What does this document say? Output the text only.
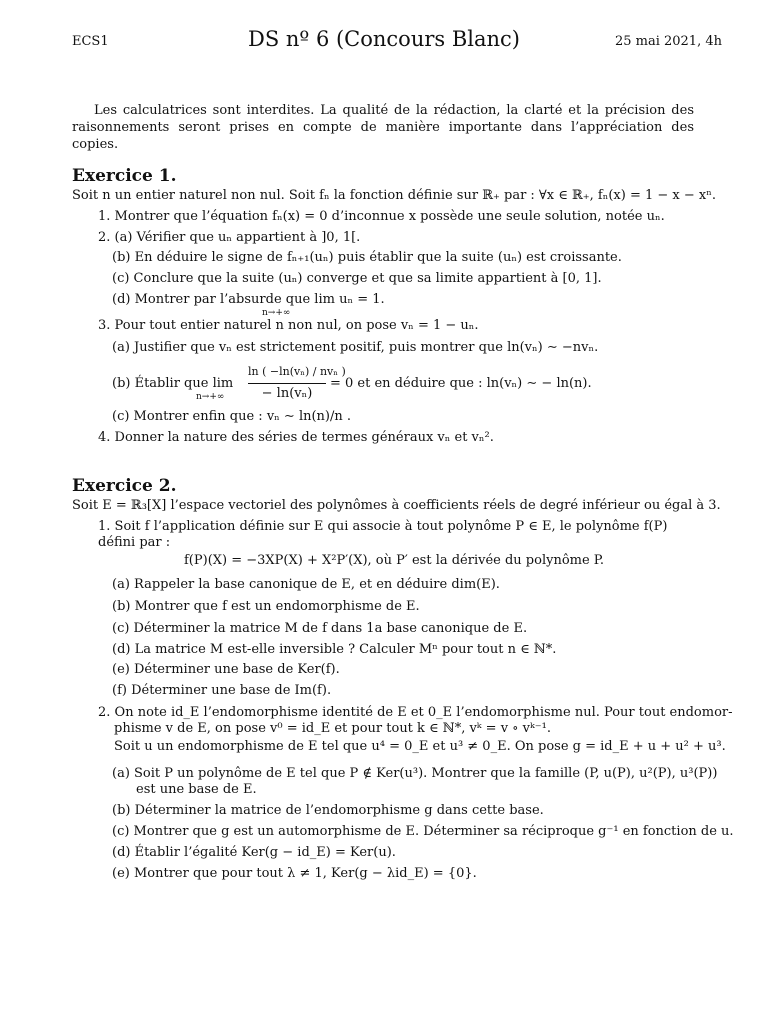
ECS1	DS nº 6 (Concours Blanc)	25 mai 2021, 4h
Les calculatrices sont interdites. La qualité de la rédaction, la clarté et la précision des raisonnements seront prises en compte de manière importante dans l’appréciation des copies.
Exercice 1.
Soit n un entier naturel non nul. Soit fₙ la fonction définie sur ℝ₊ par : ∀x ∈ ℝ₊, fₙ(x) = 1 − x − xⁿ.
1. Montrer que l’équation fₙ(x) = 0 d’inconnue x possède une seule solution, notée uₙ.
2. (a) Vérifier que uₙ appartient à ]0, 1[.
(b) En déduire le signe de fₙ₊₁(uₙ) puis établir que la suite (uₙ) est croissante.
(c) Conclure que la suite (uₙ) converge et que sa limite appartient à [0, 1].
(d) Montrer par l’absurde que lim uₙ = 1.
n→+∞
3. Pour tout entier naturel n non nul, on pose vₙ = 1 − uₙ.
(a) Justifier que vₙ est strictement positif, puis montrer que ln(vₙ) ∼ −nvₙ.
(b) Établir que lim
n→+∞
ln ( −ln(vₙ) / nvₙ )
− ln(vₙ)
= 0 et en déduire que : ln(vₙ) ∼ − ln(n).
(c) Montrer enfin que : vₙ ∼ ln(n)/n .
4. Donner la nature des séries de termes généraux vₙ et vₙ².
Exercice 2.
Soit E = ℝ₃[X] l’espace vectoriel des polynômes à coefficients réels de degré inférieur ou égal à 3.
1. Soit f l’application définie sur E qui associe à tout polynôme P ∈ E, le polynôme f(P) défini par :
f(P)(X) = −3XP(X) + X²P′(X), où P′ est la dérivée du polynôme P.
(a) Rappeler la base canonique de E, et en déduire dim(E).
(b) Montrer que f est un endomorphisme de E.
(c) Déterminer la matrice M de f dans 1a base canonique de E.
(d) La matrice M est-elle inversible ? Calculer Mⁿ pour tout n ∈ ℕ*.
(e) Déterminer une base de Ker(f).
(f) Déterminer une base de Im(f).
2. On note id_E l’endomorphisme identité de E et 0_E l’endomorphisme nul. Pour tout endomor-
phisme v de E, on pose v⁰ = id_E et pour tout k ∈ ℕ*, vᵏ = v ∘ vᵏ⁻¹.
Soit u un endomorphisme de E tel que u⁴ = 0_E et u³ ≠ 0_E. On pose g = id_E + u + u² + u³.
(a) Soit P un polynôme de E tel que P ∉ Ker(u³). Montrer que la famille (P, u(P), u²(P), u³(P))
est une base de E.
(b) Déterminer la matrice de l’endomorphisme g dans cette base.
(c) Montrer que g est un automorphisme de E. Déterminer sa réciproque g⁻¹ en fonction de u.
(d) Établir l’égalité Ker(g − id_E) = Ker(u).
(e) Montrer que pour tout λ ≠ 1, Ker(g − λid_E) = {0}.
